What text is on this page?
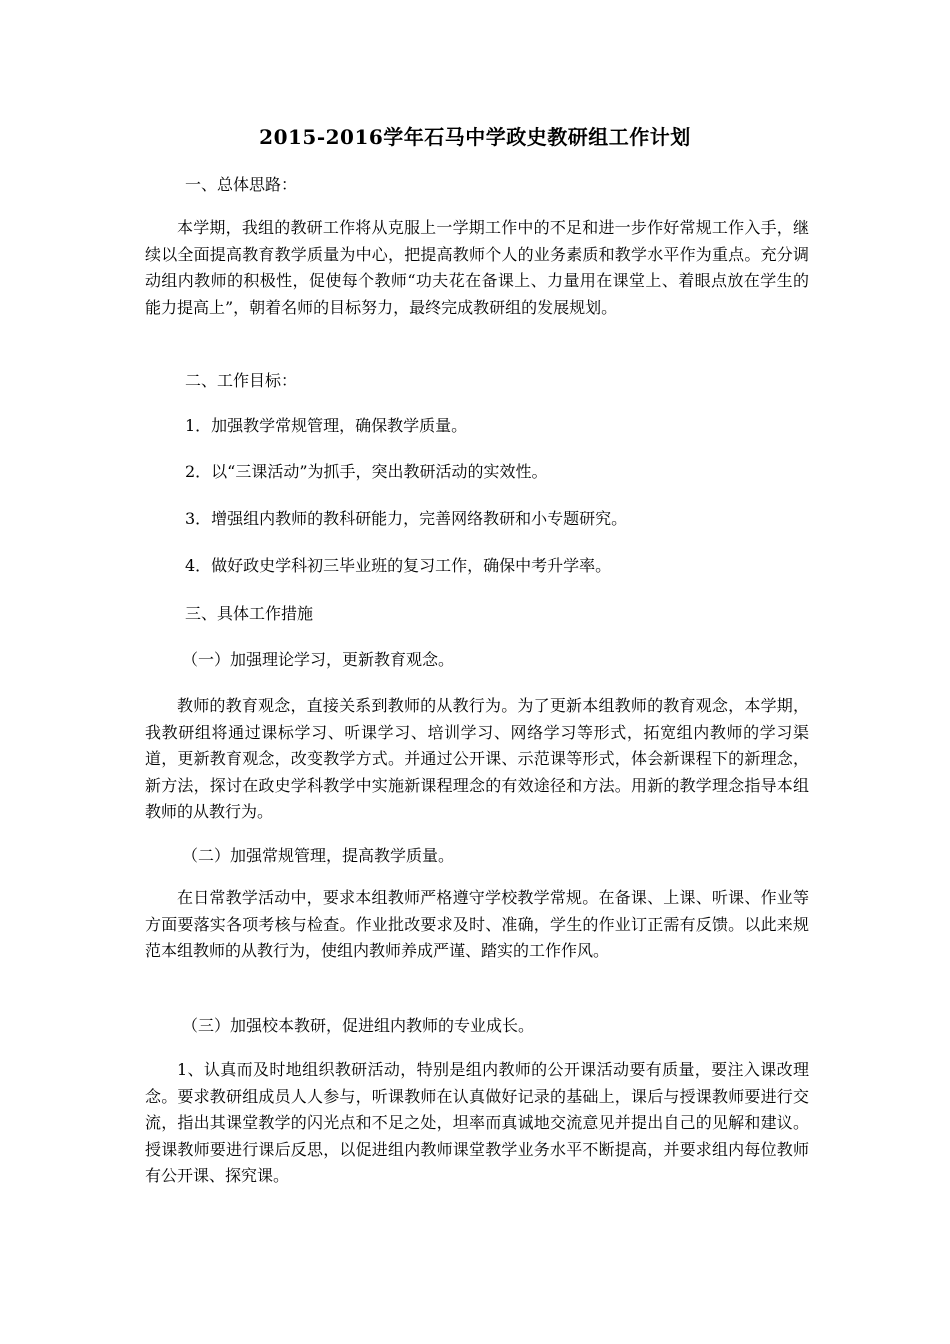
2015-2016学年石马中学政史教研组工作计划
一、总体思路：
本学期，我组的教研工作将从克服上一学期工作中的不足和进一步作好常规工作入手，继续以全面提高教育教学质量为中心，把提高教师个人的业务素质和教学水平作为重点。充分调动组内教师的积极性，促使每个教师“功夫花在备课上、力量用在课堂上、着眼点放在学生的能力提高上”，朝着名师的目标努力，最终完成教研组的发展规划。
二、工作目标：
1．加强教学常规管理，确保教学质量。
2．以“三课活动”为抓手，突出教研活动的实效性。
3．增强组内教师的教科研能力，完善网络教研和小专题研究。
4．做好政史学科初三毕业班的复习工作，确保中考升学率。
三、具体工作措施
（一）加强理论学习，更新教育观念。
教师的教育观念，直接关系到教师的从教行为。为了更新本组教师的教育观念，本学期，我教研组将通过课标学习、听课学习、培训学习、网络学习等形式，拓宽组内教师的学习渠道，更新教育观念，改变教学方式。并通过公开课、示范课等形式，体会新课程下的新理念，新方法，探讨在政史学科教学中实施新课程理念的有效途径和方法。用新的教学理念指导本组教师的从教行为。
（二）加强常规管理，提高教学质量。
在日常教学活动中，要求本组教师严格遵守学校教学常规。在备课、上课、听课、作业等方面要落实各项考核与检查。作业批改要求及时、准确，学生的作业订正需有反馈。以此来规范本组教师的从教行为，使组内教师养成严谨、踏实的工作作风。
（三）加强校本教研，促进组内教师的专业成长。
1、认真而及时地组织教研活动，特别是组内教师的公开课活动要有质量，要注入课改理念。要求教研组成员人人参与，听课教师在认真做好记录的基础上，课后与授课教师要进行交流，指出其课堂教学的闪光点和不足之处，坦率而真诚地交流意见并提出自己的见解和建议。授课教师要进行课后反思，以促进组内教师课堂教学业务水平不断提高，并要求组内每位教师有公开课、探究课。
